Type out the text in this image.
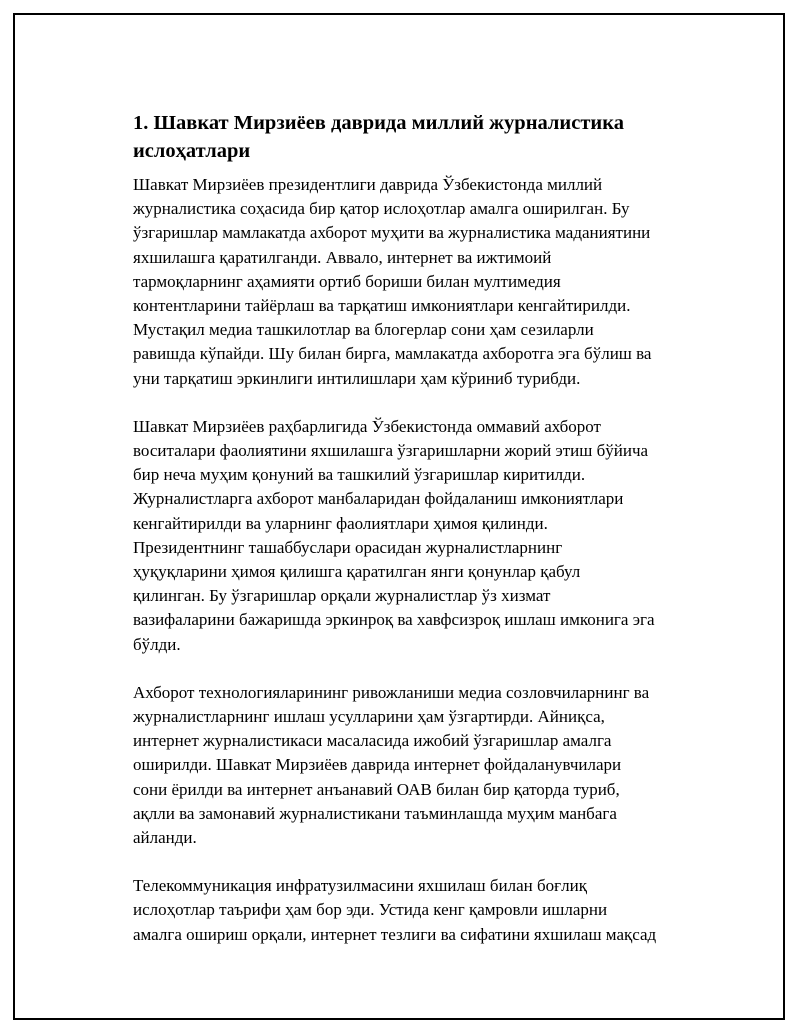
1. Шавкат Мирзиёев даврида миллий журналистика
ислоҳатлари

Шавкат Мирзиёев президентлиги даврида Ўзбекистонда миллий
журналистика соҳасида бир қатор ислоҳотлар амалга оширилган. Бу
ўзгаришлар мамлакатда ахборот муҳити ва журналистика маданиятини
яхшилашга қаратилганди. Аввало, интернет ва ижтимоий
тармоқларнинг аҳамияти ортиб бориши билан мултимедия
контентларини тайёрлаш ва тарқатиш имкониятлари кенгайтирилди.
Мустақил медиа ташкилотлар ва блогерлар сони ҳам сезиларли
равишда кўпайди. Шу билан бирга, мамлакатда ахборотга эга бўлиш ва
уни тарқатиш эркинлиги интилишлари ҳам кўриниб турибди.

Шавкат Мирзиёев раҳбарлигида Ўзбекистонда оммавий ахборот
воситалари фаолиятини яхшилашга ўзгаришларни жорий этиш бўйича
бир неча муҳим қонуний ва ташкилий ўзгаришлар киритилди.
Журналистларга ахборот манбаларидан фойдаланиш имкониятлари
кенгайтирилди ва уларнинг фаолиятлари ҳимоя қилинди.
Президентнинг ташаббуслари орасидан журналистларнинг
ҳуқуқларини ҳимоя қилишга қаратилган янги қонунлар қабул
қилинган. Бу ўзгаришлар орқали журналистлар ўз хизмат
вазифаларини бажаришда эркинроқ ва хавфсизроқ ишлаш имконига эга
бўлди.

Ахборот технологияларининг ривожланиши медиа созловчиларнинг ва
журналистларнинг ишлаш усулларини ҳам ўзгартирди. Айниқса,
интернет журналистикаси масаласида ижобий ўзгаришлар амалга
оширилди. Шавкат Мирзиёев даврида интернет фойдаланувчилари
сони ёрилди ва интернет анъанавий ОАВ билан бир қаторда туриб,
ақлли ва замонавий журналистикани таъминлашда муҳим манбага
айланди.

Телекоммуникация инфратузилмасини яхшилаш билан боғлиқ
ислоҳотлар таърифи ҳам бор эди. Устида кенг қамровли ишларни
амалга ошириш орқали, интернет тезлиги ва сифатини яхшилаш мақсад
